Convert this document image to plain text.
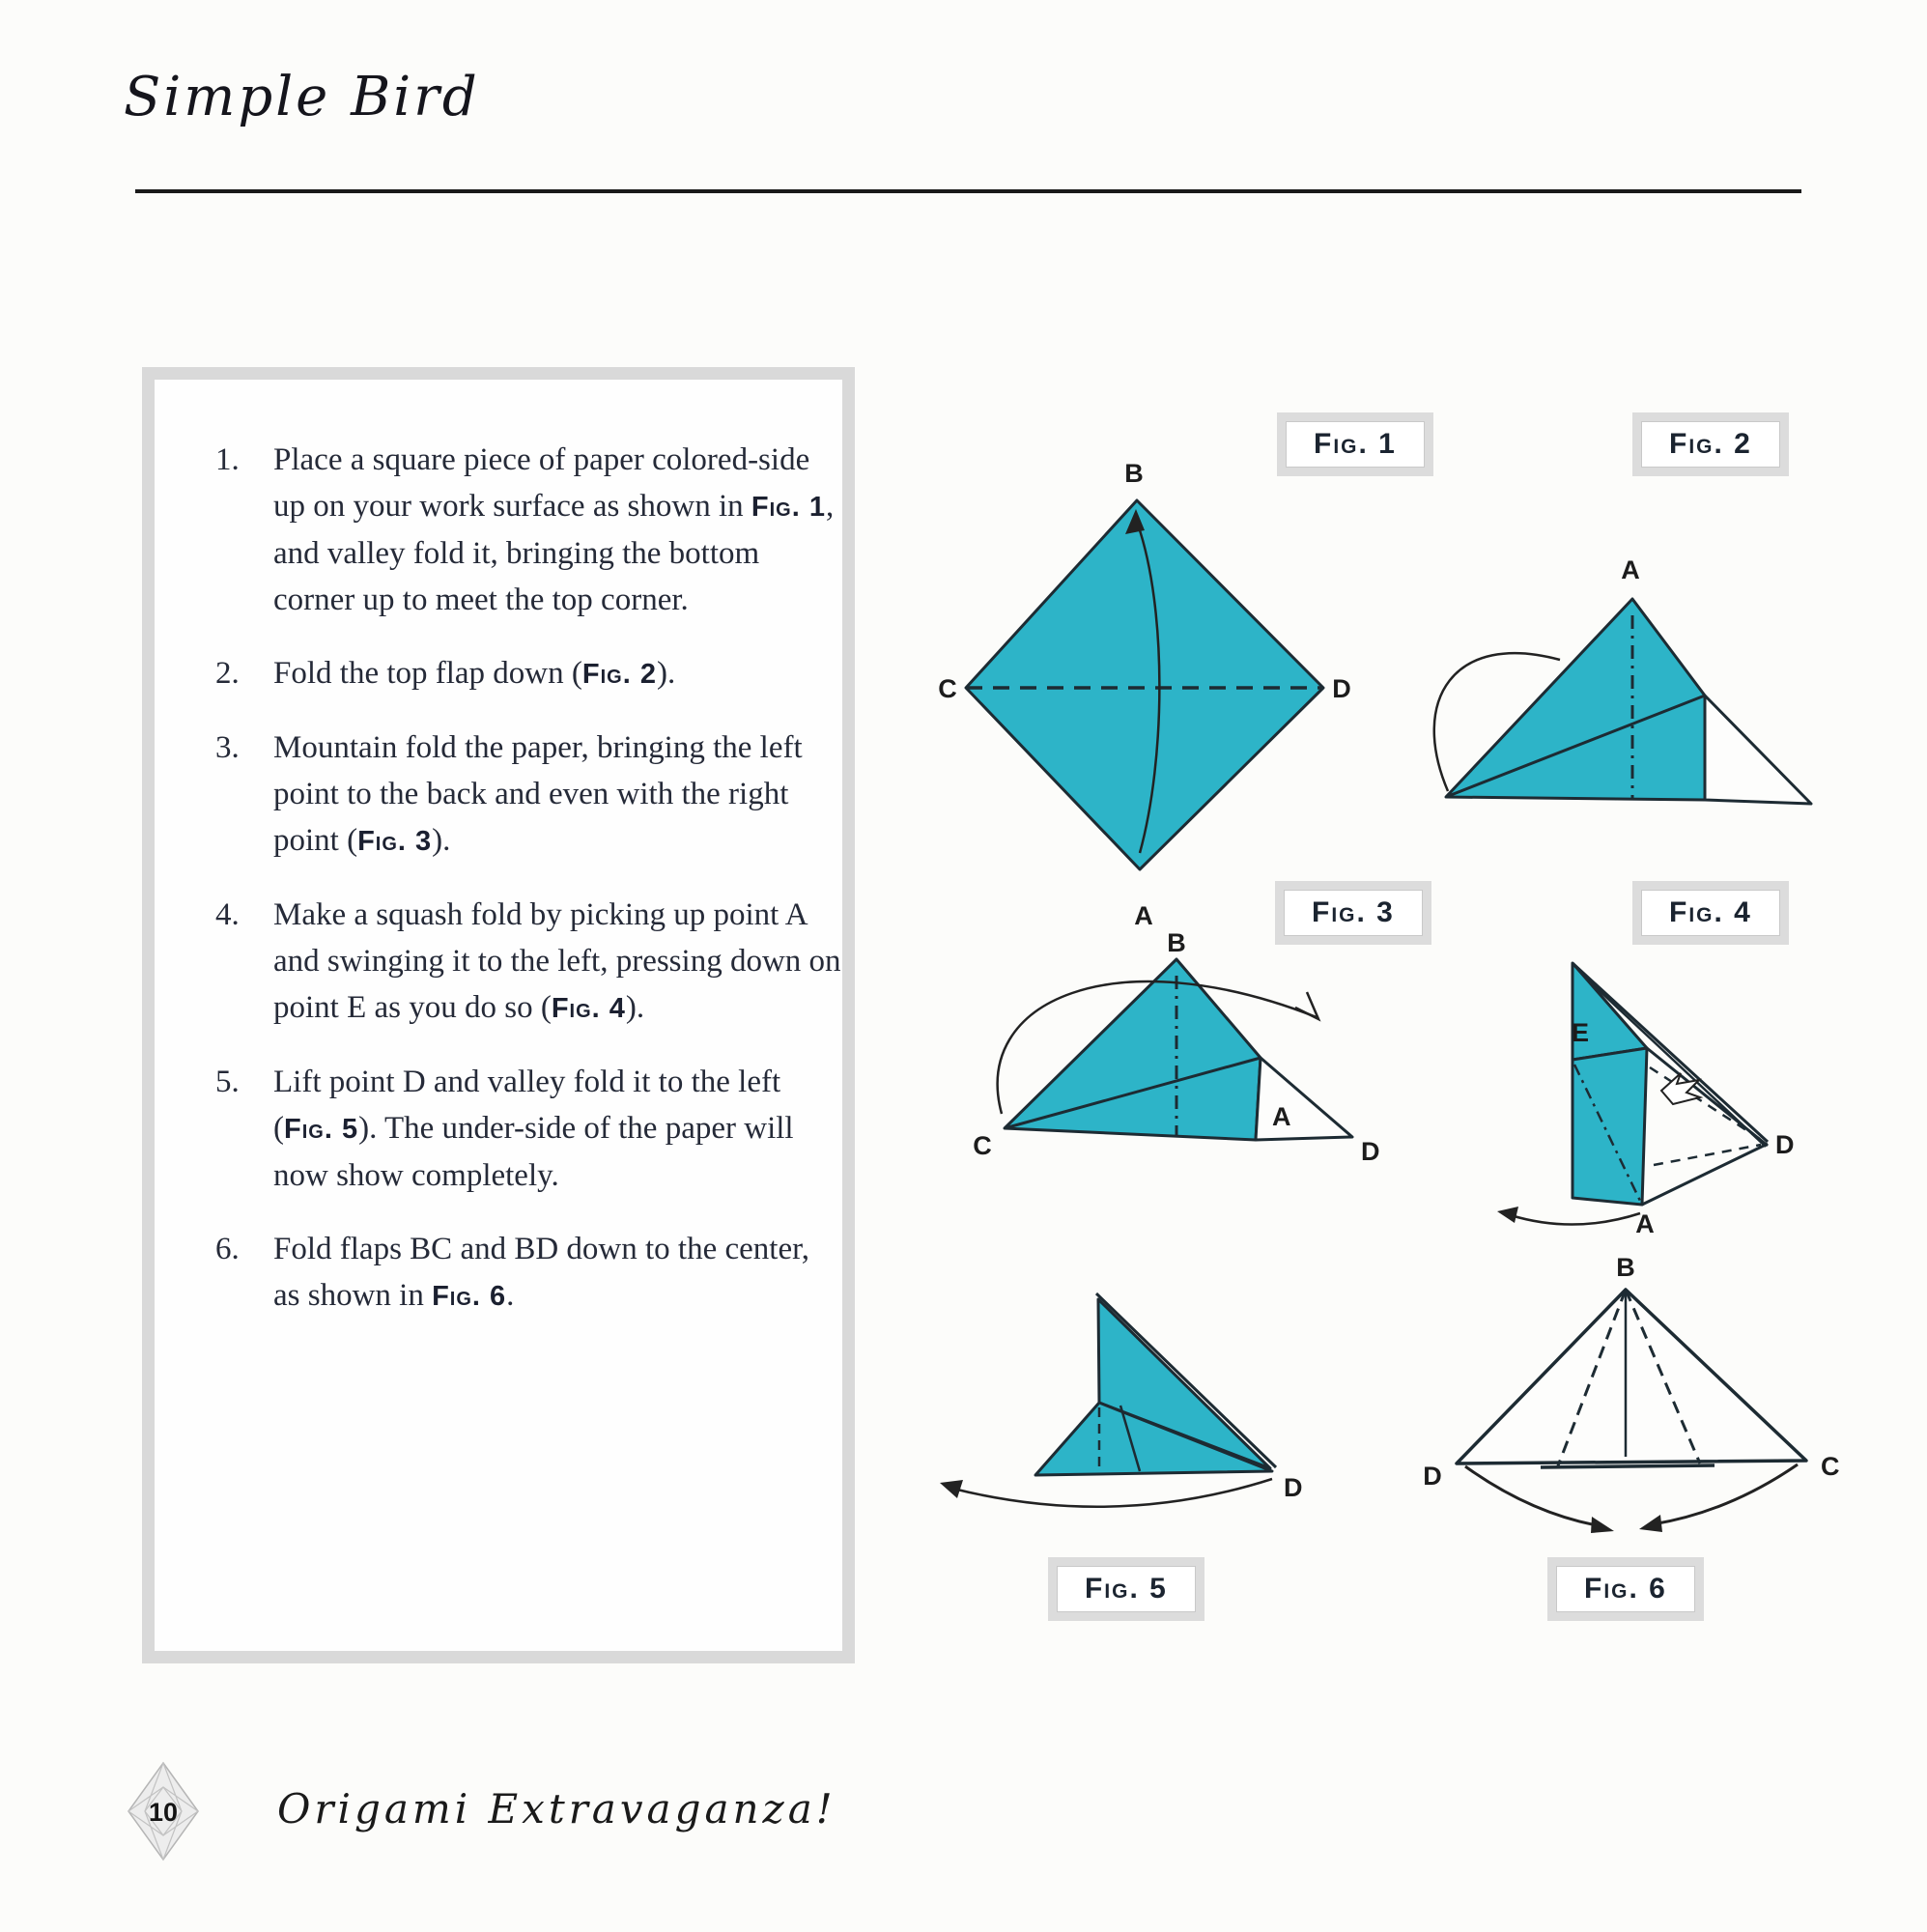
Simple Bird
1.	Place a square piece of paper colored-side up on your work surface as shown in Fig. 1, and valley fold it, bringing the bottom corner up to meet the top corner.
2.	Fold the top flap down (Fig. 2).
3.	Mountain fold the paper, bringing the left point to the back and even with the right point (Fig. 3).
4.	Make a squash fold by picking up point A and swinging it to the left, pressing down on point E as you do so (Fig. 4).
5.	Lift point D and valley fold it to the left (Fig. 5). The under-side of the paper will now show completely.
6.	Fold flaps BC and BD down to the center, as shown in Fig. 6.
Fig. 1	Fig. 2
Fig. 3	Fig. 4
Fig. 5	Fig. 6
B
C	D
A
A
B
C
A
D
E
A
D
D
B
D	C
10 Origami Extravaganza!
